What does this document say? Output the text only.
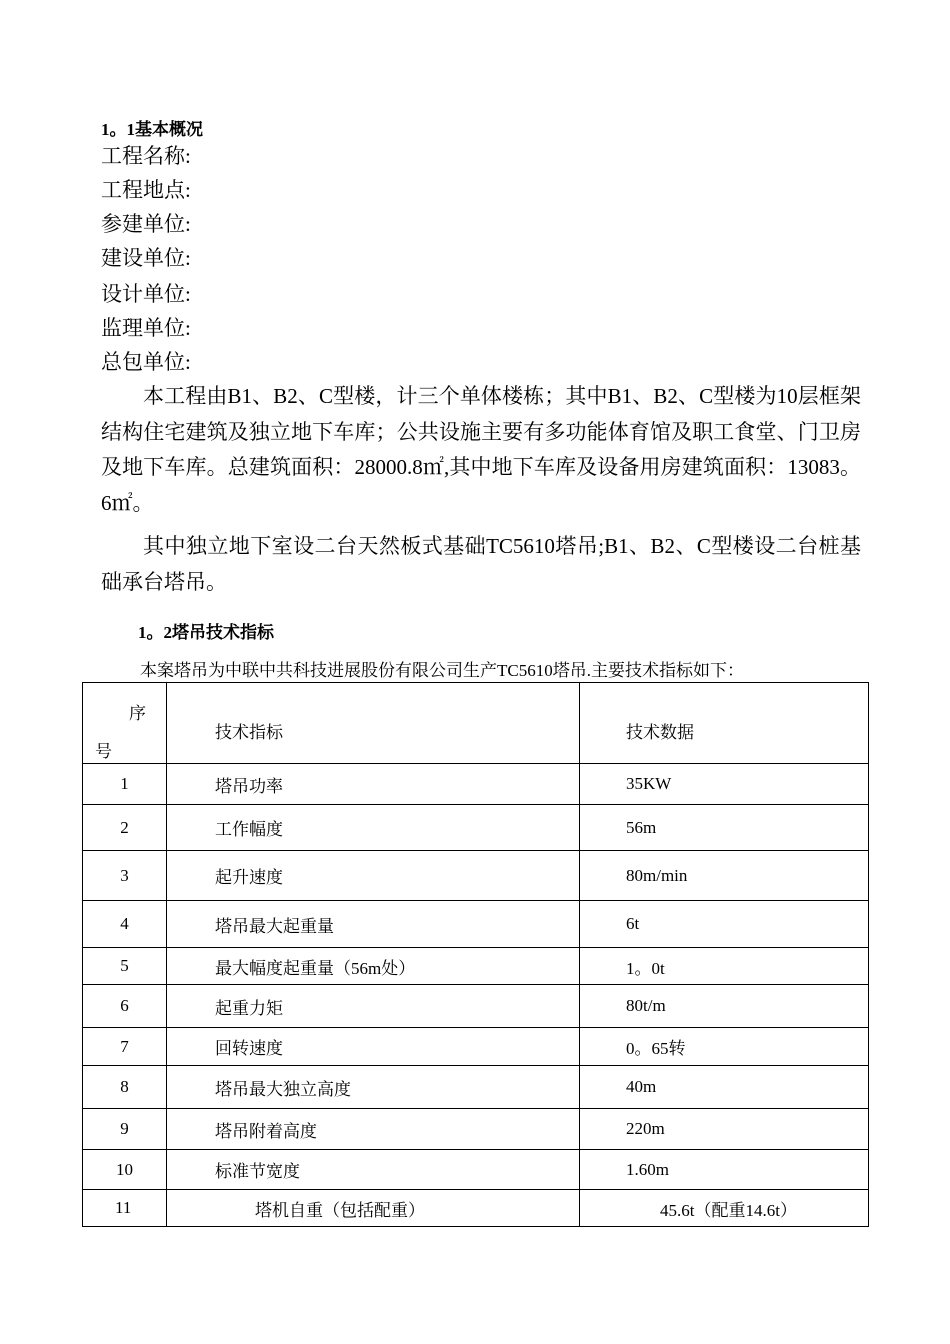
1。1基本概况
工程名称:
工程地点:
参建单位:
建设单位:
设计单位:
监理单位:
总包单位:
本工程由B1、B2、C型楼，计三个单体楼栋；其中B1、B2、C型楼为10层框架结构住宅建筑及独立地下车库；公共设施主要有多功能体育馆及职工食堂、门卫房及地下车库。总建筑面积：28000.8㎡,其中地下车库及设备用房建筑面积：13083。6㎡。
其中独立地下室设二台天然板式基础TC5610塔吊;B1、B2、C型楼设二台桩基础承台塔吊。
1。2塔吊技术指标
本案塔吊为中联中共科技进展股份有限公司生产TC5610塔吊.主要技术指标如下：
序
号	技术指标	技术数据
1	塔吊功率	35KW
2	工作幅度	56m
3	起升速度	80m/min
4	塔吊最大起重量	6t
5	最大幅度起重量（56m处）	1。0t
6	起重力矩	80t/m
7	回转速度	0。65转
8	塔吊最大独立高度	40m
9	塔吊附着高度	220m
10	标准节宽度	1.60m
11	塔机自重（包括配重）	45.6t（配重14.6t）
